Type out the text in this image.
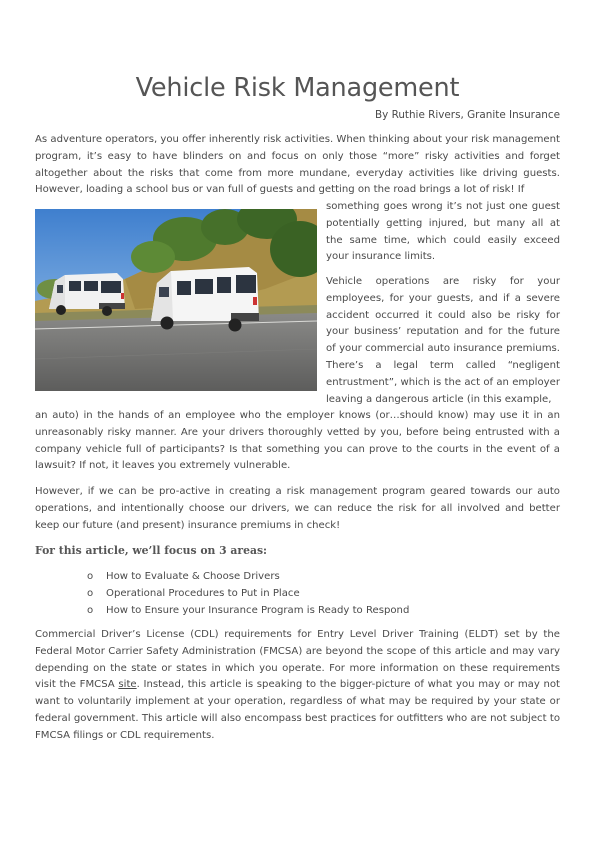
Vehicle Risk Management
By Ruthie Rivers, Granite Insurance

As adventure operators, you offer inherently risk activities. When thinking about your risk management program, it’s easy to have blinders on and focus on only those “more” risky activities and forget altogether about the risks that come from more mundane, everyday activities like driving guests. However, loading a school bus or van full of guests and getting on the road brings a lot of risk! If

something goes wrong it’s not just one guest potentially getting injured, but many all at the same time, which could easily exceed your insurance limits.

Vehicle operations are risky for your employees, for your guests, and if a severe accident occurred it could also be risky for your business’ reputation and for the future of your commercial auto insurance premiums. There’s a legal term called “negligent entrustment”, which is the act of an employer leaving a dangerous article (in this example,

an auto) in the hands of an employee who the employer knows (or…should know) may use it in an unreasonably risky manner. Are your drivers thoroughly vetted by you, before being entrusted with a company vehicle full of participants? Is that something you can prove to the courts in the event of a lawsuit? If not, it leaves you extremely vulnerable.

However, if we can be pro-active in creating a risk management program geared towards our auto operations, and intentionally choose our drivers, we can reduce the risk for all involved and better keep our future (and present) insurance premiums in check!

For this article, we’ll focus on 3 areas:
o How to Evaluate & Choose Drivers
o Operational Procedures to Put in Place
o How to Ensure your Insurance Program is Ready to Respond

Commercial Driver’s License (CDL) requirements for Entry Level Driver Training (ELDT) set by the Federal Motor Carrier Safety Administration (FMCSA) are beyond the scope of this article and may vary depending on the state or states in which you operate. For more information on these requirements visit the FMCSA site. Instead, this article is speaking to the bigger-picture of what you may or may not want to voluntarily implement at your operation, regardless of what may be required by your state or federal government. This article will also encompass best practices for outfitters who are not subject to FMCSA filings or CDL requirements.
